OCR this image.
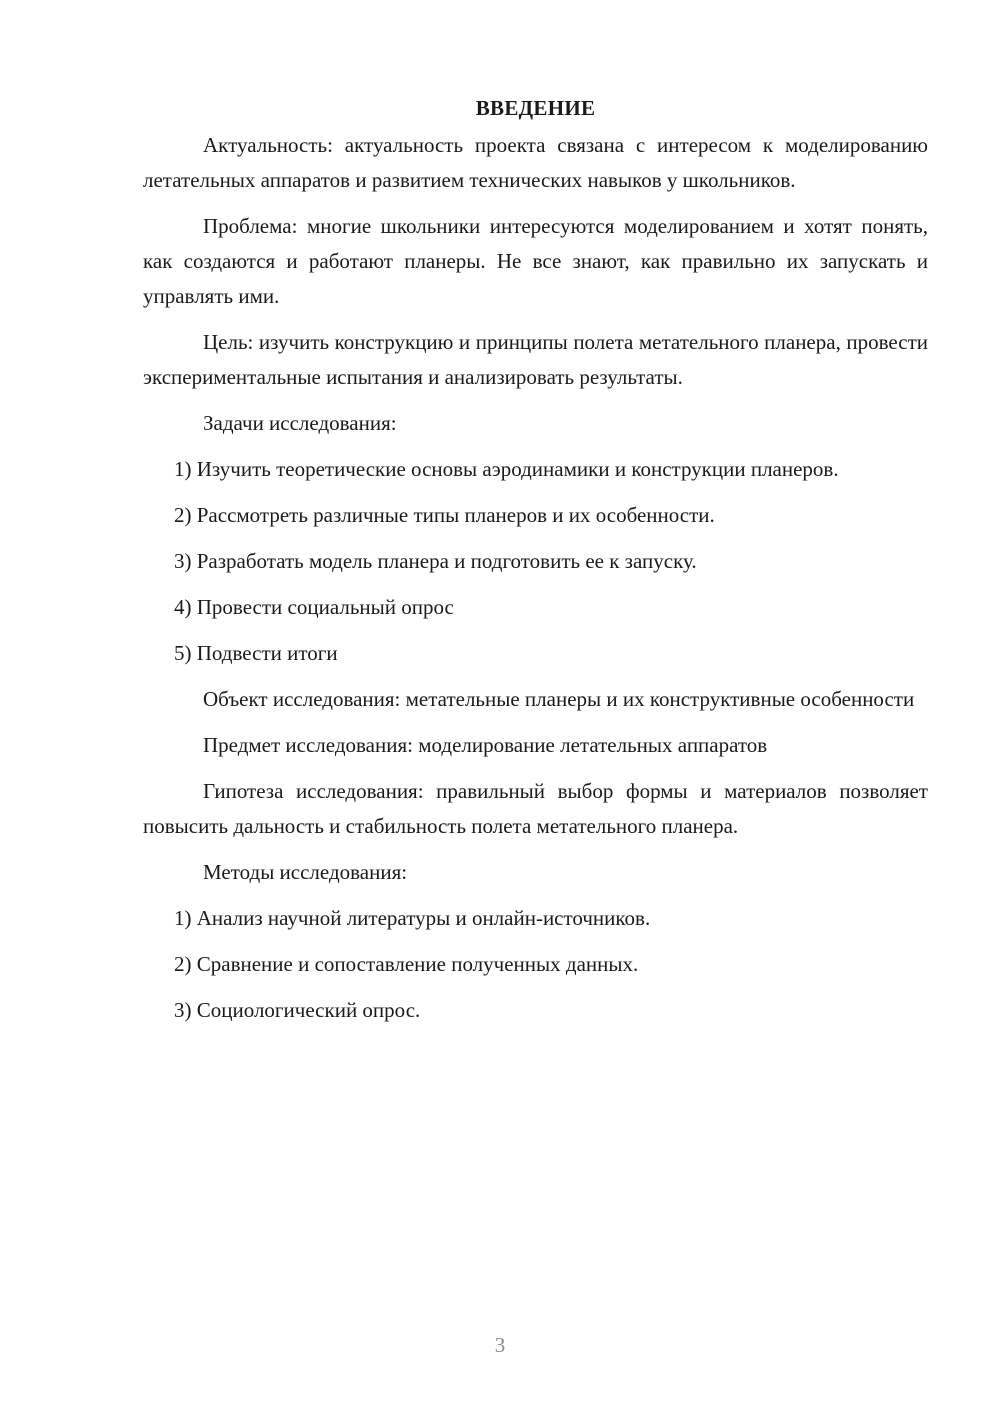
ВВЕДЕНИЕ

Актуальность: актуальность проекта связана с интересом к моделированию летательных аппаратов и развитием технических навыков у школьников.

Проблема: многие школьники интересуются моделированием и хотят понять, как создаются и работают планеры. Не все знают, как правильно их запускать и управлять ими.

Цель: изучить конструкцию и принципы полета метательного планера, провести экспериментальные испытания и анализировать результаты.

Задачи исследования:

1) Изучить теоретические основы аэродинамики и конструкции планеров.

2) Рассмотреть различные типы планеров и их особенности.

3) Разработать модель планера и подготовить ее к запуску.

4) Провести социальный опрос

5) Подвести итоги

Объект исследования: метательные планеры и их конструктивные особенности

Предмет исследования: моделирование летательных аппаратов

Гипотеза исследования: правильный выбор формы и материалов позволяет повысить дальность и стабильность полета метательного планера.

Методы исследования:

1) Анализ научной литературы и онлайн-источников.

2) Сравнение и сопоставление полученных данных.

3) Социологический опрос.

3
